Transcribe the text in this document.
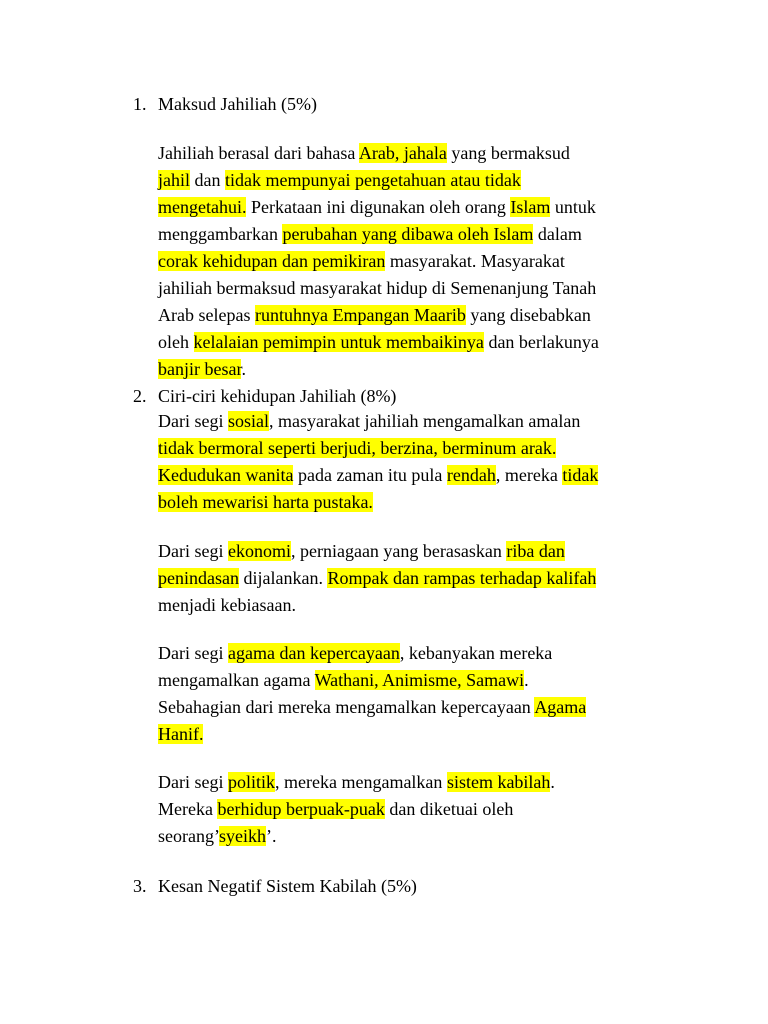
1. Maksud Jahiliah (5%)
Jahiliah berasal dari bahasa Arab, jahala yang bermaksud
jahil dan tidak mempunyai pengetahuan atau tidak
mengetahui. Perkataan ini digunakan oleh orang Islam untuk
menggambarkan perubahan yang dibawa oleh Islam dalam
corak kehidupan dan pemikiran masyarakat. Masyarakat
jahiliah bermaksud masyarakat hidup di Semenanjung Tanah
Arab selepas runtuhnya Empangan Maarib yang disebabkan
oleh kelalaian pemimpin untuk membaikinya dan berlakunya
banjir besar.
2. Ciri-ciri kehidupan Jahiliah (8%)
Dari segi sosial, masyarakat jahiliah mengamalkan amalan
tidak bermoral seperti berjudi, berzina, berminum arak.
Kedudukan wanita pada zaman itu pula rendah, mereka tidak
boleh mewarisi harta pustaka.
Dari segi ekonomi, perniagaan yang berasaskan riba dan
penindasan dijalankan. Rompak dan rampas terhadap kalifah
menjadi kebiasaan.
Dari segi agama dan kepercayaan, kebanyakan mereka
mengamalkan agama Wathani, Animisme, Samawi.
Sebahagian dari mereka mengamalkan kepercayaan Agama
Hanif.
Dari segi politik, mereka mengamalkan sistem kabilah.
Mereka berhidup berpuak-puak dan diketuai oleh
seorang’syeikh’.
3. Kesan Negatif Sistem Kabilah (5%)
